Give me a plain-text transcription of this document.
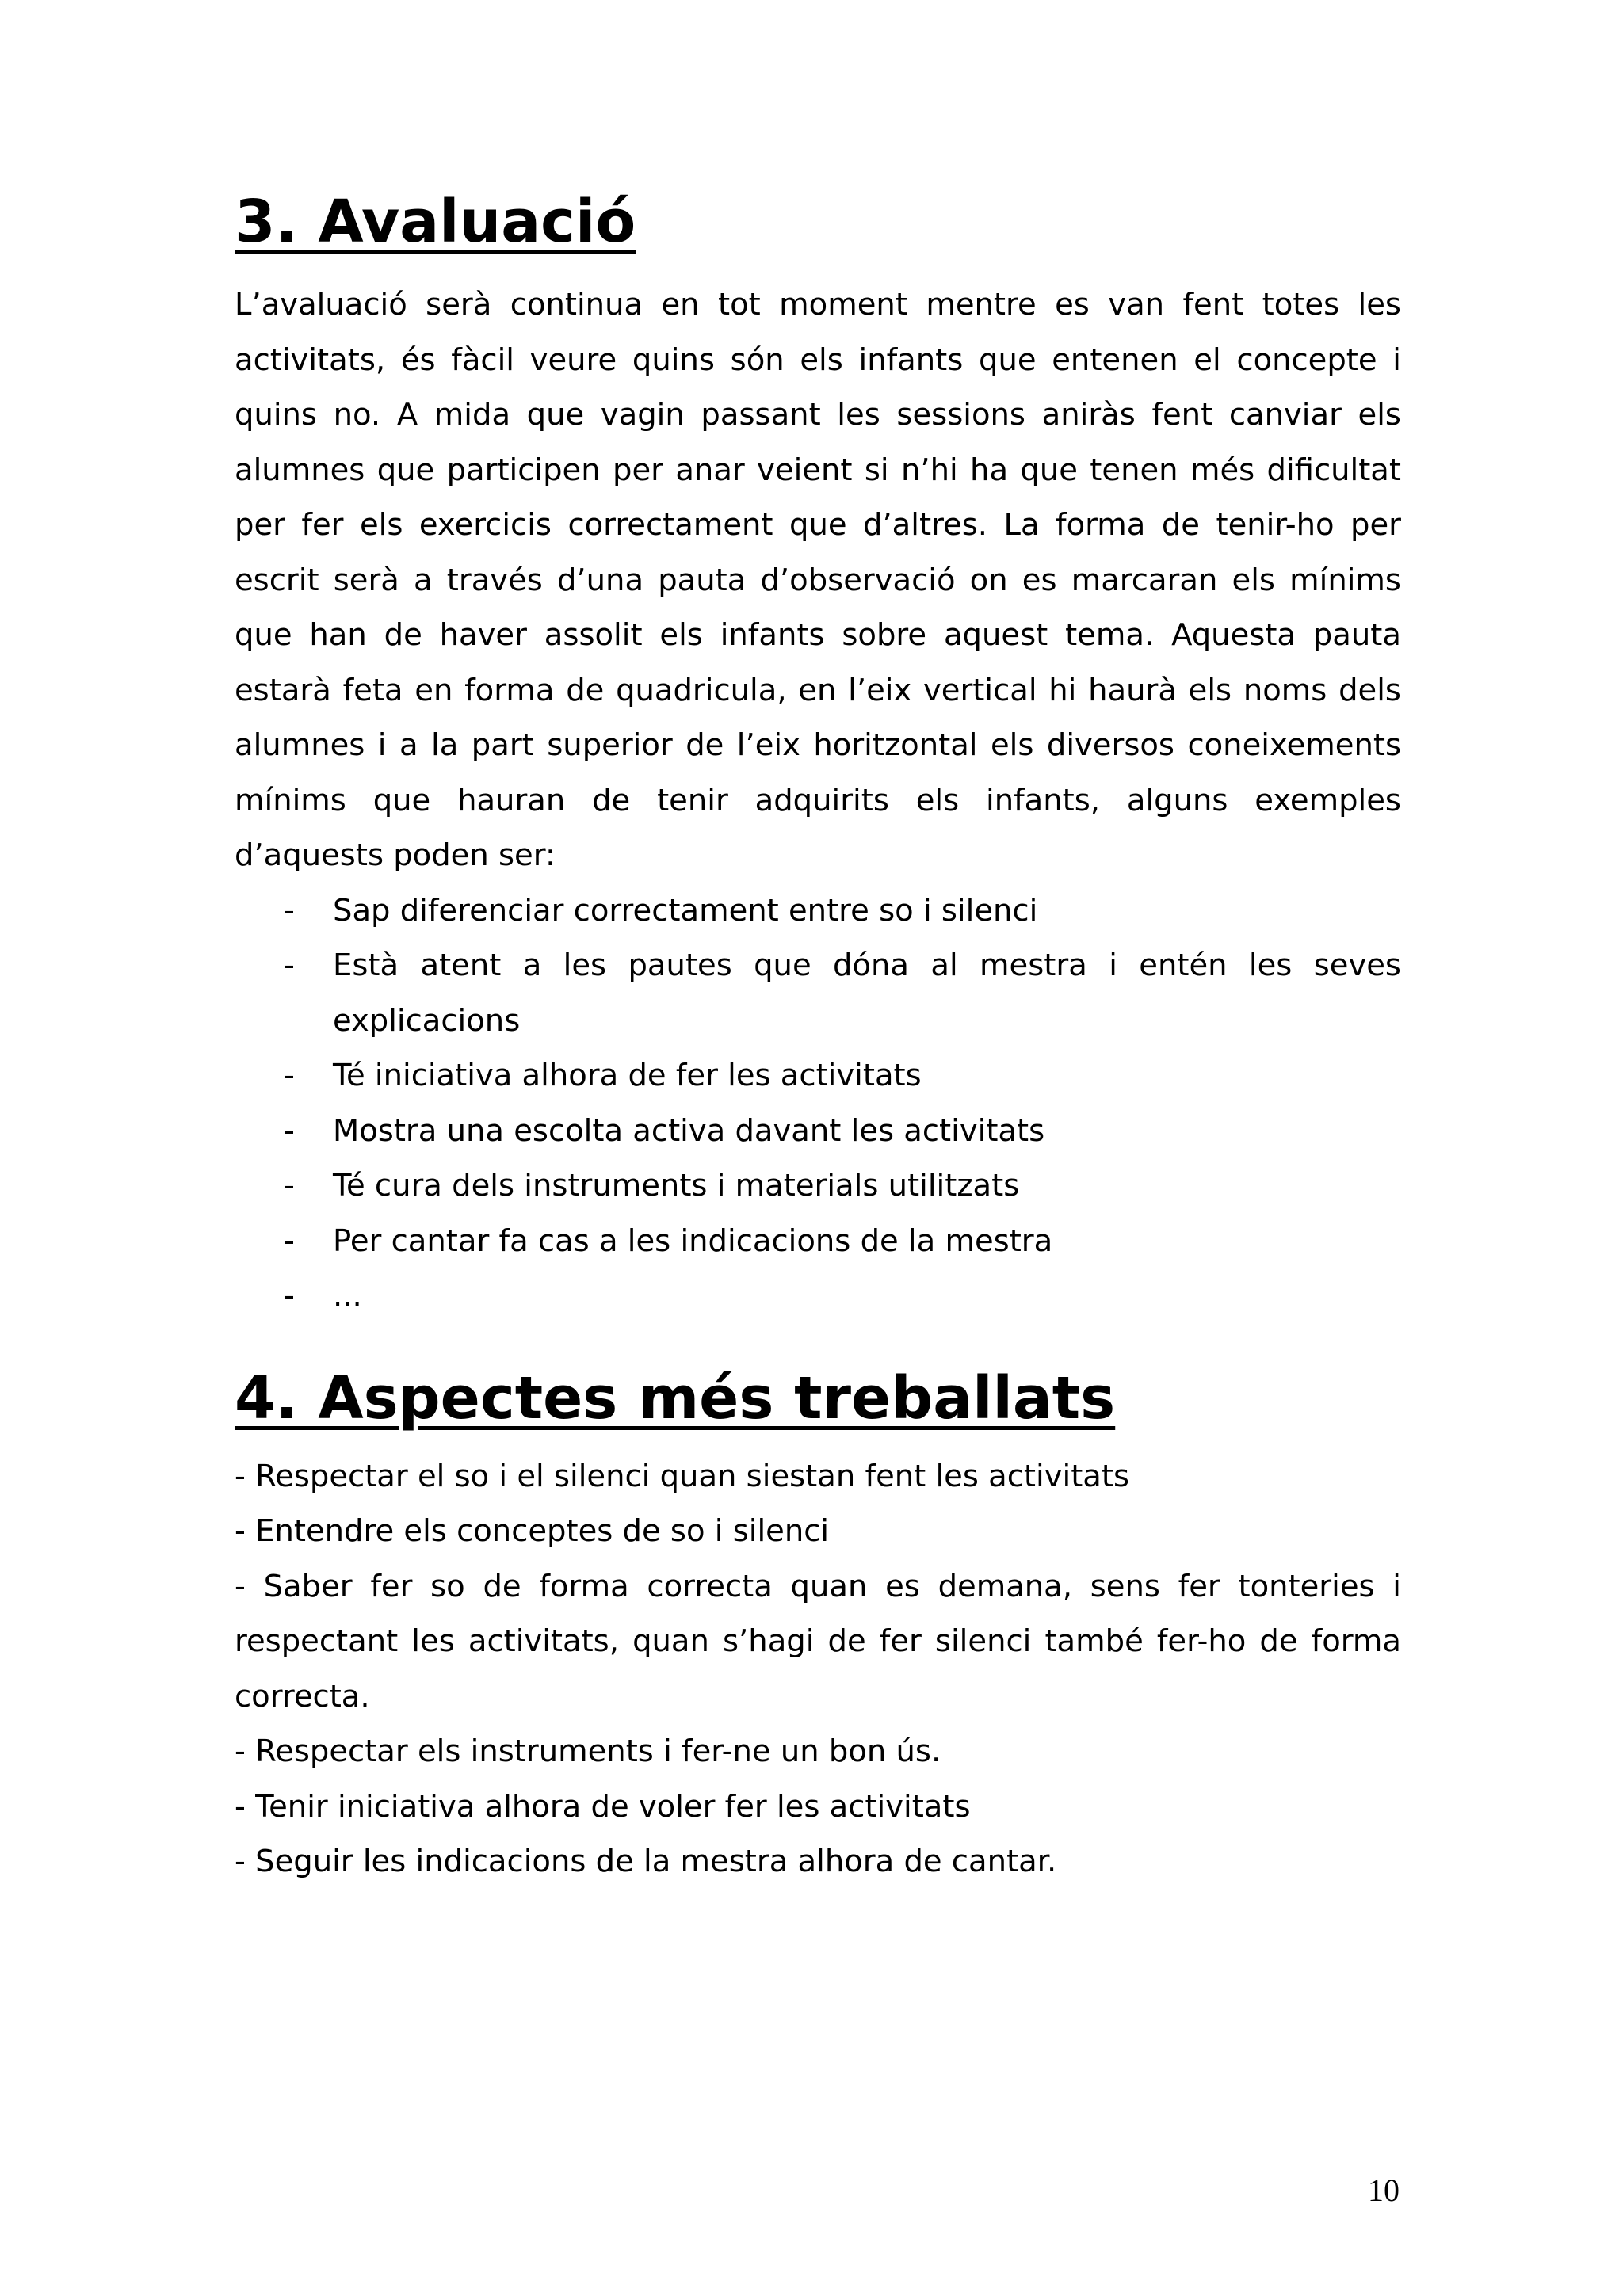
3. Avaluació

L’avaluació serà continua en tot moment mentre es van fent totes les activitats, és fàcil veure quins són els infants que entenen el concepte i quins no. A mida que vagin passant les sessions aniràs fent canviar els alumnes que participen per anar veient si n’hi ha que tenen més dificultat per fer els exercicis correctament que d’altres. La forma de tenir-ho per escrit serà a través d’una pauta d’observació on es marcaran els mínims que han de haver assolit els infants sobre aquest tema. Aquesta pauta estarà feta en forma de quadricula, en l’eix vertical hi haurà els noms dels alumnes i a la part superior de l’eix horitzontal els diversos coneixements mínims que hauran de tenir adquirits els infants, alguns exemples d’aquests poden ser:

- Sap diferenciar correctament entre so i silenci
- Està atent a les pautes que dóna al mestra i entén les seves explicacions
- Té iniciativa alhora de fer les activitats
- Mostra una escolta activa davant les activitats
- Té cura dels instruments i materials utilitzats
- Per cantar fa cas a les indicacions de la mestra
- ...
4. Aspectes més treballats
- Respectar el so i el silenci quan siestan fent les activitats
- Entendre els conceptes de so i silenci
- Saber fer so de forma correcta quan es demana, sens fer tonteries i respectant les activitats, quan s’hagi de fer silenci també fer-ho de forma correcta.
- Respectar els instruments i fer-ne un bon ús.
- Tenir iniciativa alhora de voler fer les activitats
- Seguir les indicacions de la mestra alhora de cantar.
10
